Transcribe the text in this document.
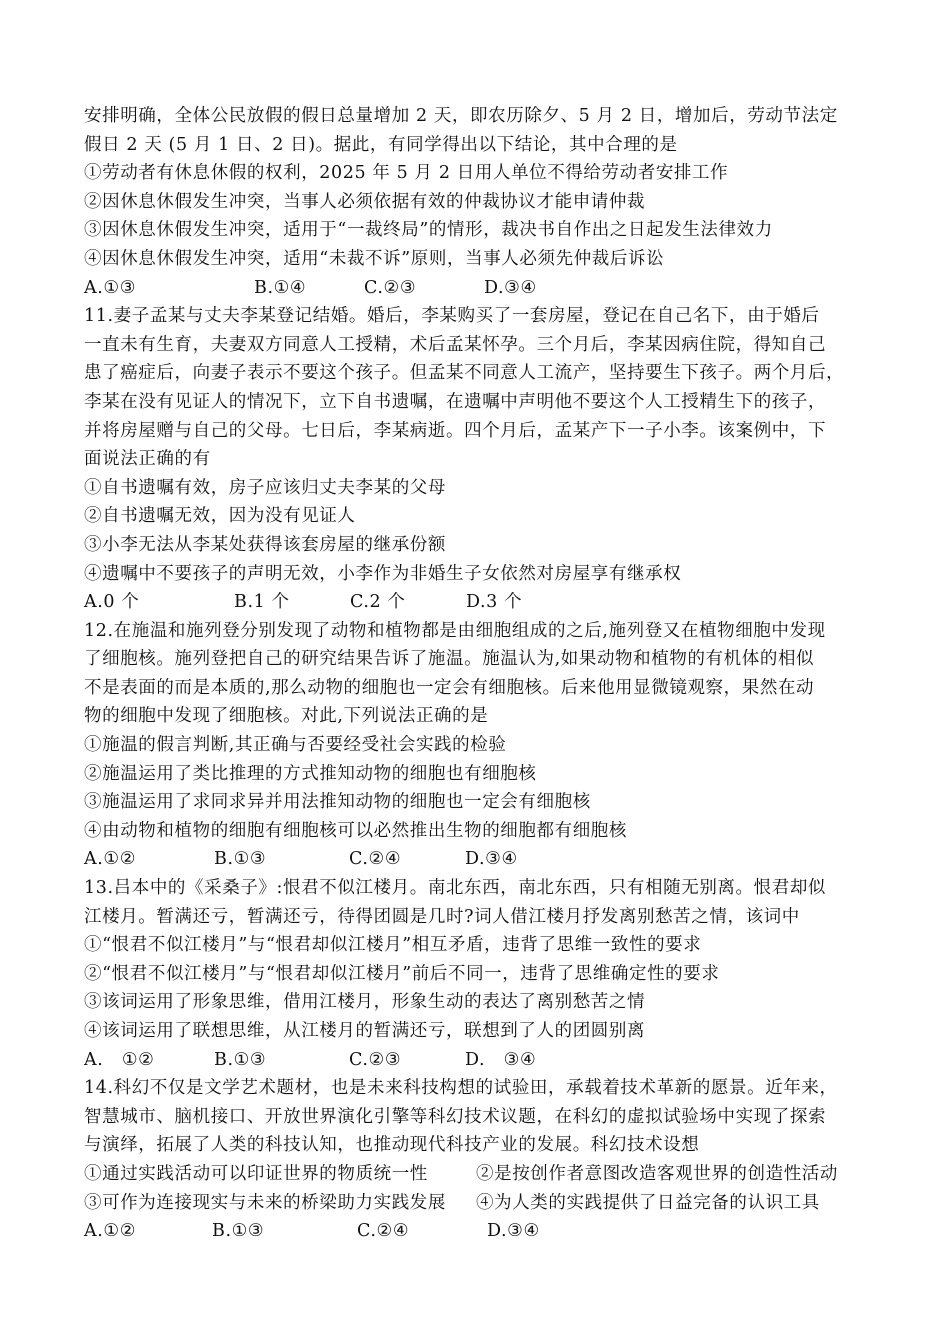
安排明确，全体公民放假的假日总量增加 2 天，即农历除夕、5 月 2 日，增加后，劳动节法定
假日 2 天 (5 月 1 日、2 日)。据此，有同学得出以下结论，其中合理的是
①劳动者有休息休假的权利，2025 年 5 月 2 日用人单位不得给劳动者安排工作
②因休息休假发生冲突，当事人必须依据有效的仲裁协议才能申请仲裁
③因休息休假发生冲突，适用于“一裁终局”的情形，裁决书自作出之日起发生法律效力
④因休息休假发生冲突，适用“未裁不诉”原则，当事人必须先仲裁后诉讼
A.①③	B.①④	C.②③	D.③④
11.妻子孟某与丈夫李某登记结婚。婚后，李某购买了一套房屋，登记在自己名下，由于婚后
一直未有生育，夫妻双方同意人工授精，术后孟某怀孕。三个月后，李某因病住院，得知自己
患了癌症后，向妻子表示不要这个孩子。但孟某不同意人工流产，坚持要生下孩子。两个月后，
李某在没有见证人的情况下，立下自书遗嘱，在遗嘱中声明他不要这个人工授精生下的孩子，
并将房屋赠与自己的父母。七日后，李某病逝。四个月后，孟某产下一子小李。该案例中，下
面说法正确的有
①自书遗嘱有效，房子应该归丈夫李某的父母
②自书遗嘱无效，因为没有见证人
③小李无法从李某处获得该套房屋的继承份额
④遗嘱中不要孩子的声明无效，小李作为非婚生子女依然对房屋享有继承权
A.0 个	B.1 个	C.2 个	D.3 个
12.在施温和施列登分别发现了动物和植物都是由细胞组成的之后,施列登又在植物细胞中发现
了细胞核。施列登把自己的研究结果告诉了施温。施温认为,如果动物和植物的有机体的相似
不是表面的而是本质的,那么动物的细胞也一定会有细胞核。后来他用显微镜观察，果然在动
物的细胞中发现了细胞核。对此,下列说法正确的是
①施温的假言判断,其正确与否要经受社会实践的检验
②施温运用了类比推理的方式推知动物的细胞也有细胞核
③施温运用了求同求异并用法推知动物的细胞也一定会有细胞核
④由动物和植物的细胞有细胞核可以必然推出生物的细胞都有细胞核
A.①②	B.①③	C.②④	D.③④
13.吕本中的《采桑子》:恨君不似江楼月。南北东西，南北东西，只有相随无别离。恨君却似
江楼月。暂满还亏，暂满还亏，待得团圆是几时?词人借江楼月抒发离别愁苦之情，该词中
①“恨君不似江楼月”与“恨君却似江楼月”相互矛盾，违背了思维一致性的要求
②“恨君不似江楼月”与“恨君却似江楼月”前后不同一，违背了思维确定性的要求
③该词运用了形象思维，借用江楼月，形象生动的表达了离别愁苦之情
④该词运用了联想思维，从江楼月的暂满还亏，联想到了人的团圆别离
A.   ①②	B.①③	C.②③	D.   ③④
14.科幻不仅是文学艺术题材，也是未来科技构想的试验田，承载着技术革新的愿景。近年来，
智慧城市、脑机接口、开放世界演化引擎等科幻技术议题，在科幻的虚拟试验场中实现了探索
与演绎，拓展了人类的科技认知，也推动现代科技产业的发展。科幻技术设想
①通过实践活动可以印证世界的物质统一性	②是按创作者意图改造客观世界的创造性活动
③可作为连接现实与未来的桥梁助力实践发展	④为人类的实践提供了日益完备的认识工具
A.①②	B.①③	C.②④	D.③④
